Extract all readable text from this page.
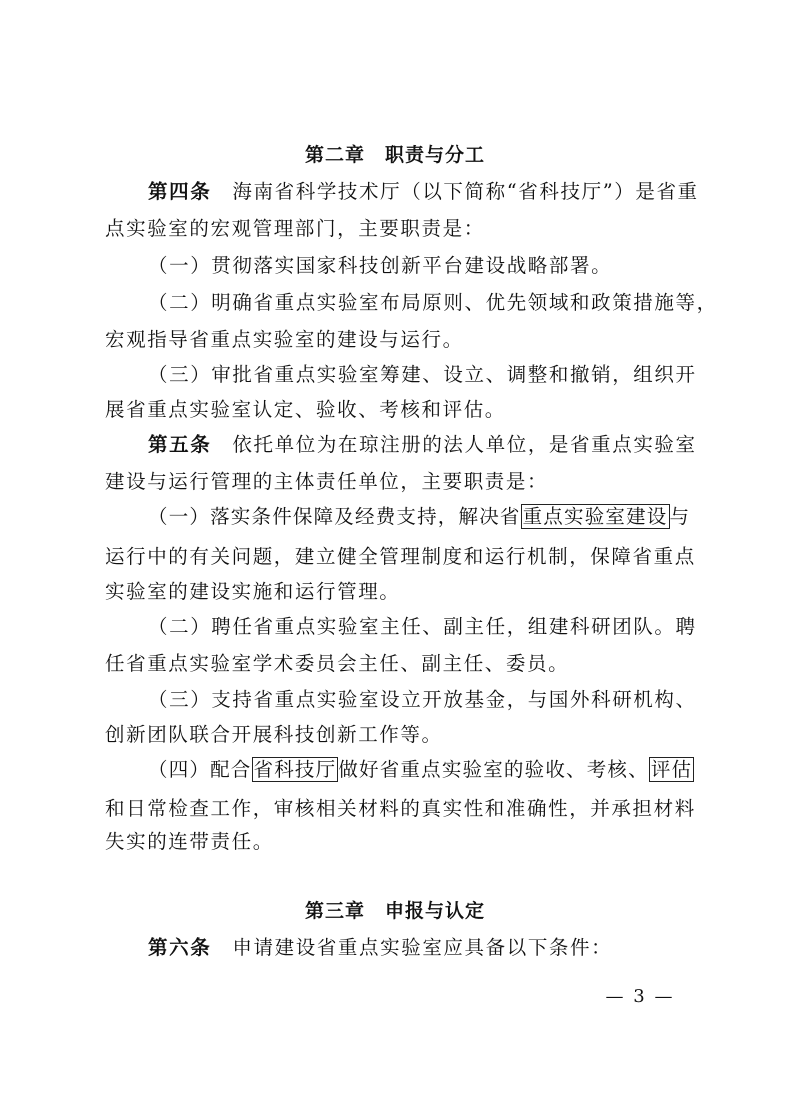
第二章　职责与分工
第四条　 海南省科学技术厅（以下简称“省科技厅”）是省重
点实验室的宏观管理部门，主要职责是：
（一）贯彻落实国家科技创新平台建设战略部署。
（二）明确省重点实验室布局原则、优先领域和政策措施等，
宏观指导省重点实验室的建设与运行。
（三）审批省重点实验室筹建、设立、调整和撤销，组织开
展省重点实验室认定、验收、考核和评估。
第五条　 依托单位为在琼注册的法人单位，是省重点实验室
建设与运行管理的主体责任单位，主要职责是：
（一）落实条件保障及经费支持，解决省 重点实验室建设 与
运行中的有关问题，建立健全管理制度和运行机制，保障省重点
实验室的建设实施和运行管理。
（二）聘任省重点实验室主任、副主任，组建科研团队。聘
任省重点实验室学术委员会主任、副主任、委员。
（三）支持省重点实验室设立开放基金，与国外科研机构、
创新团队联合开展科技创新工作等。
（四）配合 省科技厅 做好省重点实验室的验收、考核、 评估
和日常检查工作，审核相关材料的真实性和准确性，并承担材料
失实的连带责任。
第三章　申报与认定
第六条　 申请建设省重点实验室应具备以下条件：
— 3 —
